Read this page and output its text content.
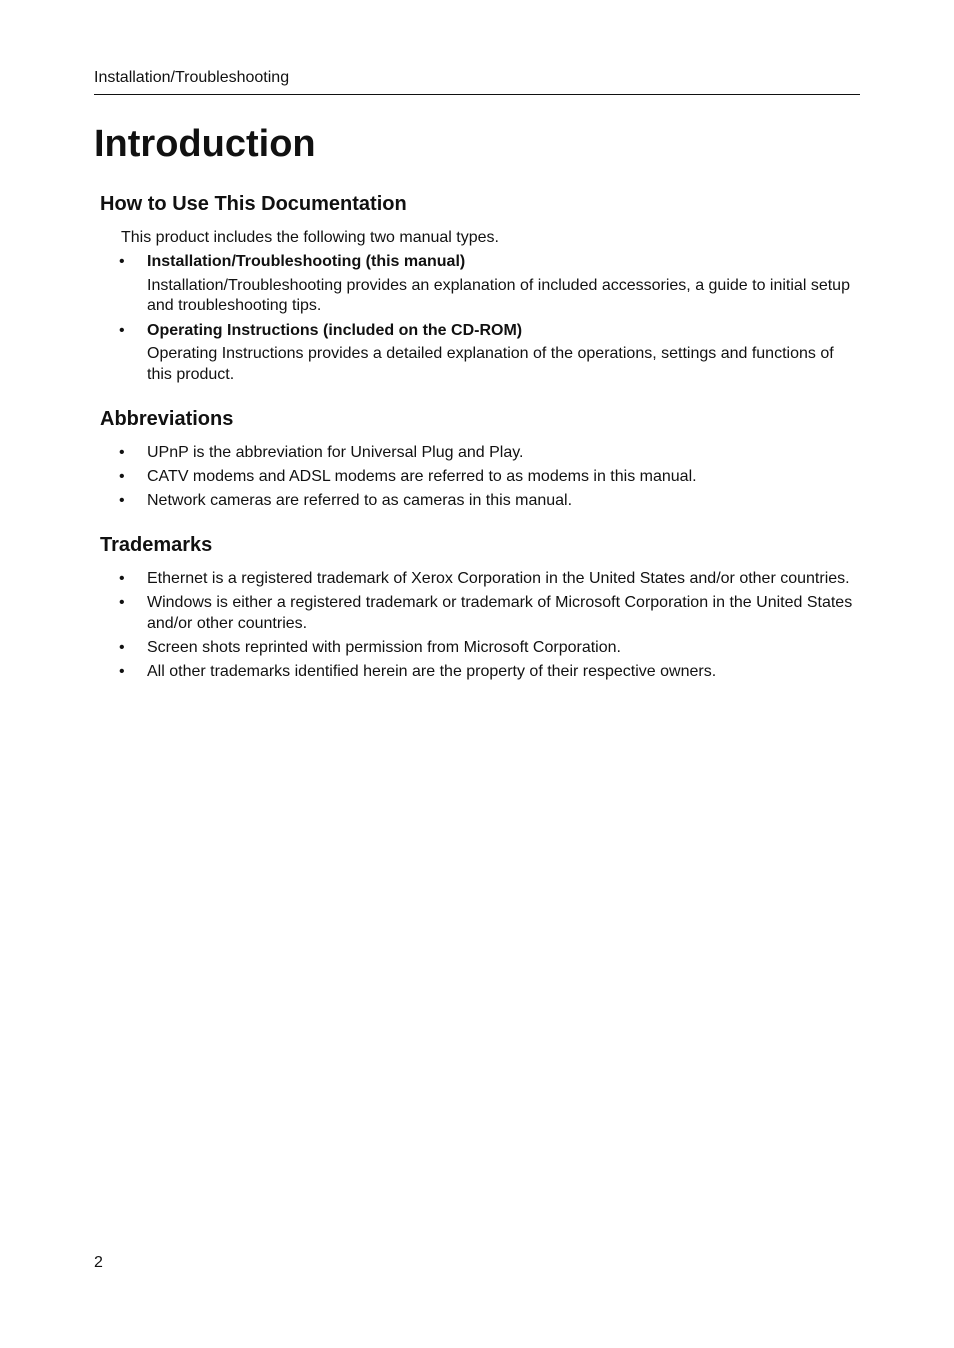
Installation/Troubleshooting
Introduction
How to Use This Documentation

This product includes the following two manual types.

• Installation/Troubleshooting (this manual)
Installation/Troubleshooting provides an explanation of included accessories, a guide to initial setup and troubleshooting tips.
• Operating Instructions (included on the CD-ROM)
Operating Instructions provides a detailed explanation of the operations, settings and functions of this product.
Abbreviations
• UPnP is the abbreviation for Universal Plug and Play.
• CATV modems and ADSL modems are referred to as modems in this manual.
• Network cameras are referred to as cameras in this manual.
Trademarks
• Ethernet is a registered trademark of Xerox Corporation in the United States and/or other countries.
• Windows is either a registered trademark or trademark of Microsoft Corporation in the United States and/or other countries.
• Screen shots reprinted with permission from Microsoft Corporation.
• All other trademarks identified herein are the property of their respective owners.
2
